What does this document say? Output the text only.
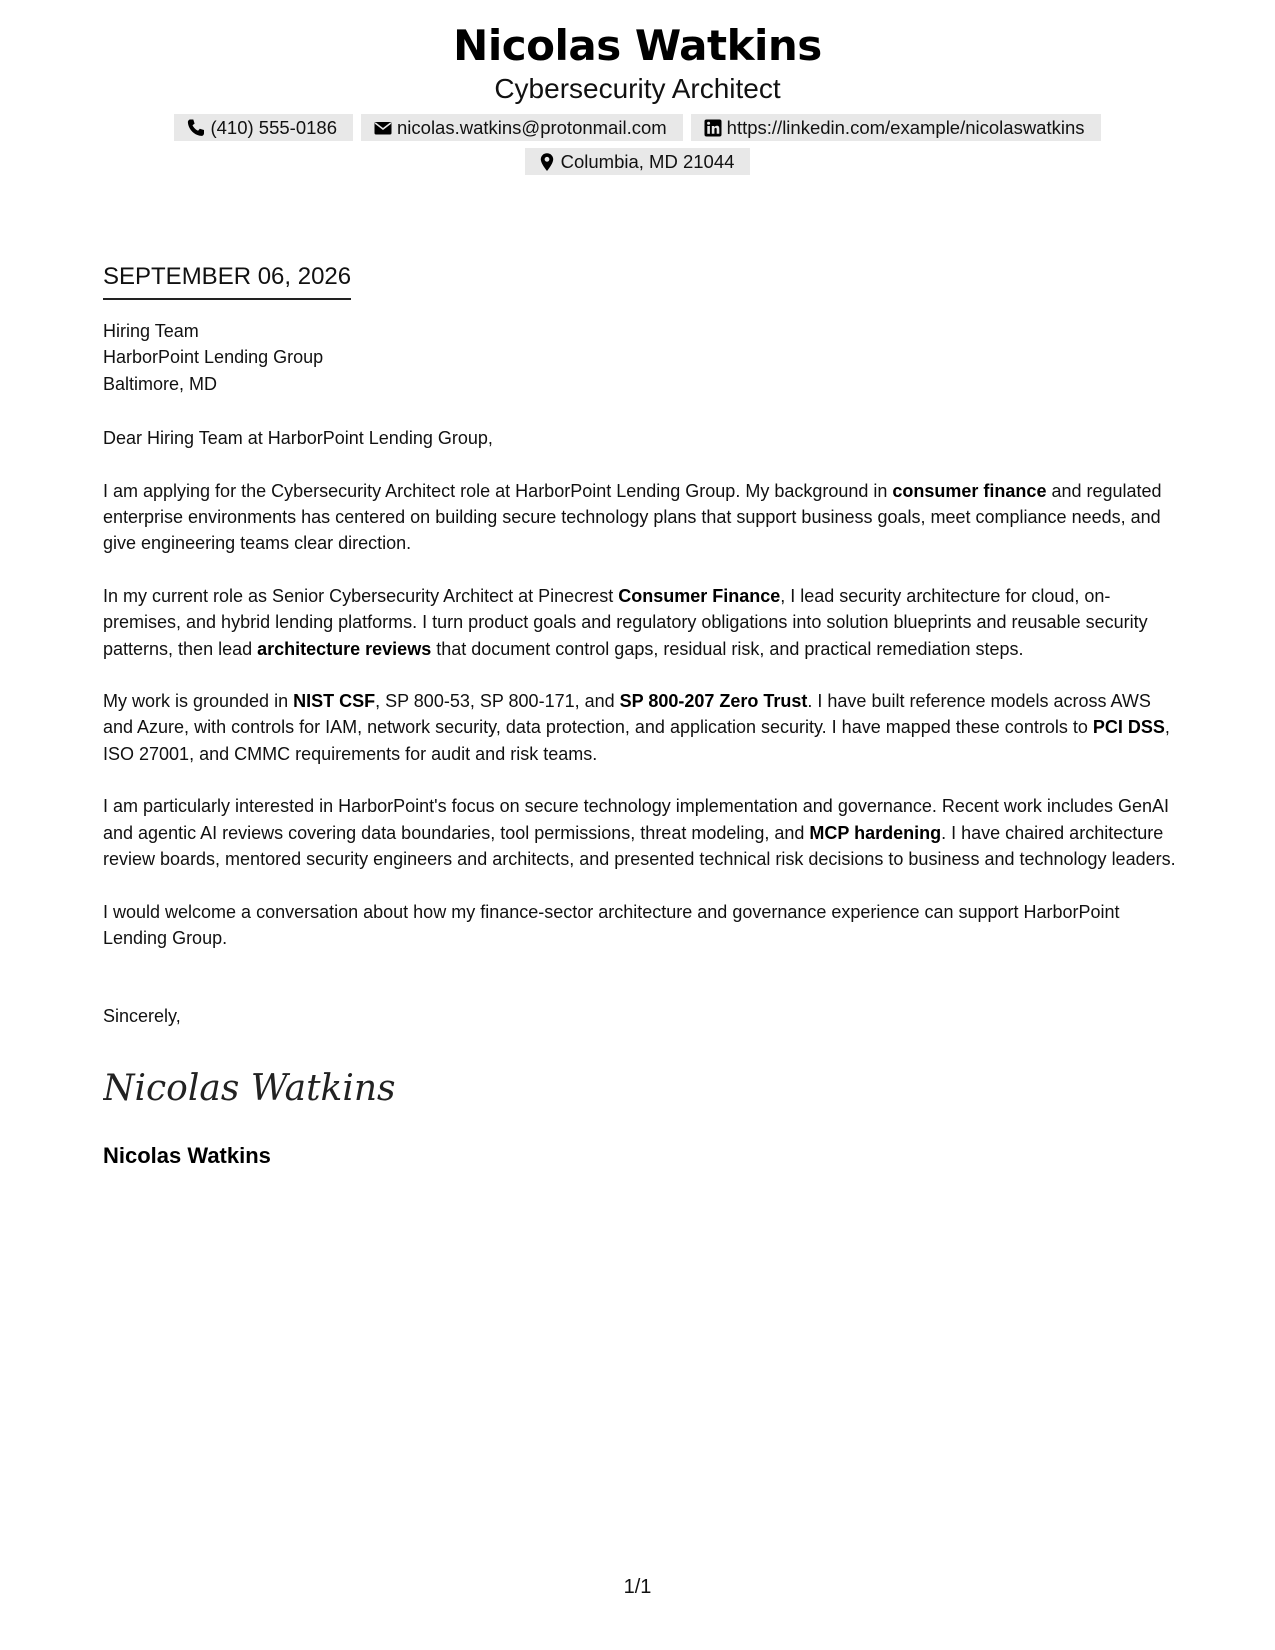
Nicolas Watkins
Cybersecurity Architect
(410) 555-0186	nicolas.watkins@protonmail.com	https://linkedin.com/example/nicolaswatkins
Columbia, MD 21044
SEPTEMBER 06, 2026
Hiring Team
HarborPoint Lending Group
Baltimore, MD

Dear Hiring Team at HarborPoint Lending Group,

I am applying for the Cybersecurity Architect role at HarborPoint Lending Group. My background in consumer finance and regulated enterprise environments has centered on building secure technology plans that support business goals, meet compliance needs, and give engineering teams clear direction.

In my current role as Senior Cybersecurity Architect at Pinecrest Consumer Finance, I lead security architecture for cloud, on-premises, and hybrid lending platforms. I turn product goals and regulatory obligations into solution blueprints and reusable security patterns, then lead architecture reviews that document control gaps, residual risk, and practical remediation steps.

My work is grounded in NIST CSF, SP 800-53, SP 800-171, and SP 800-207 Zero Trust. I have built reference models across AWS and Azure, with controls for IAM, network security, data protection, and application security. I have mapped these controls to PCI DSS, ISO 27001, and CMMC requirements for audit and risk teams.

I am particularly interested in HarborPoint's focus on secure technology implementation and governance. Recent work includes GenAI and agentic AI reviews covering data boundaries, tool permissions, threat modeling, and MCP hardening. I have chaired architecture review boards, mentored security engineers and architects, and presented technical risk decisions to business and technology leaders.

I would welcome a conversation about how my finance-sector architecture and governance experience can support HarborPoint Lending Group.

Sincerely,

Nicolas Watkins
Nicolas Watkins
1/1
